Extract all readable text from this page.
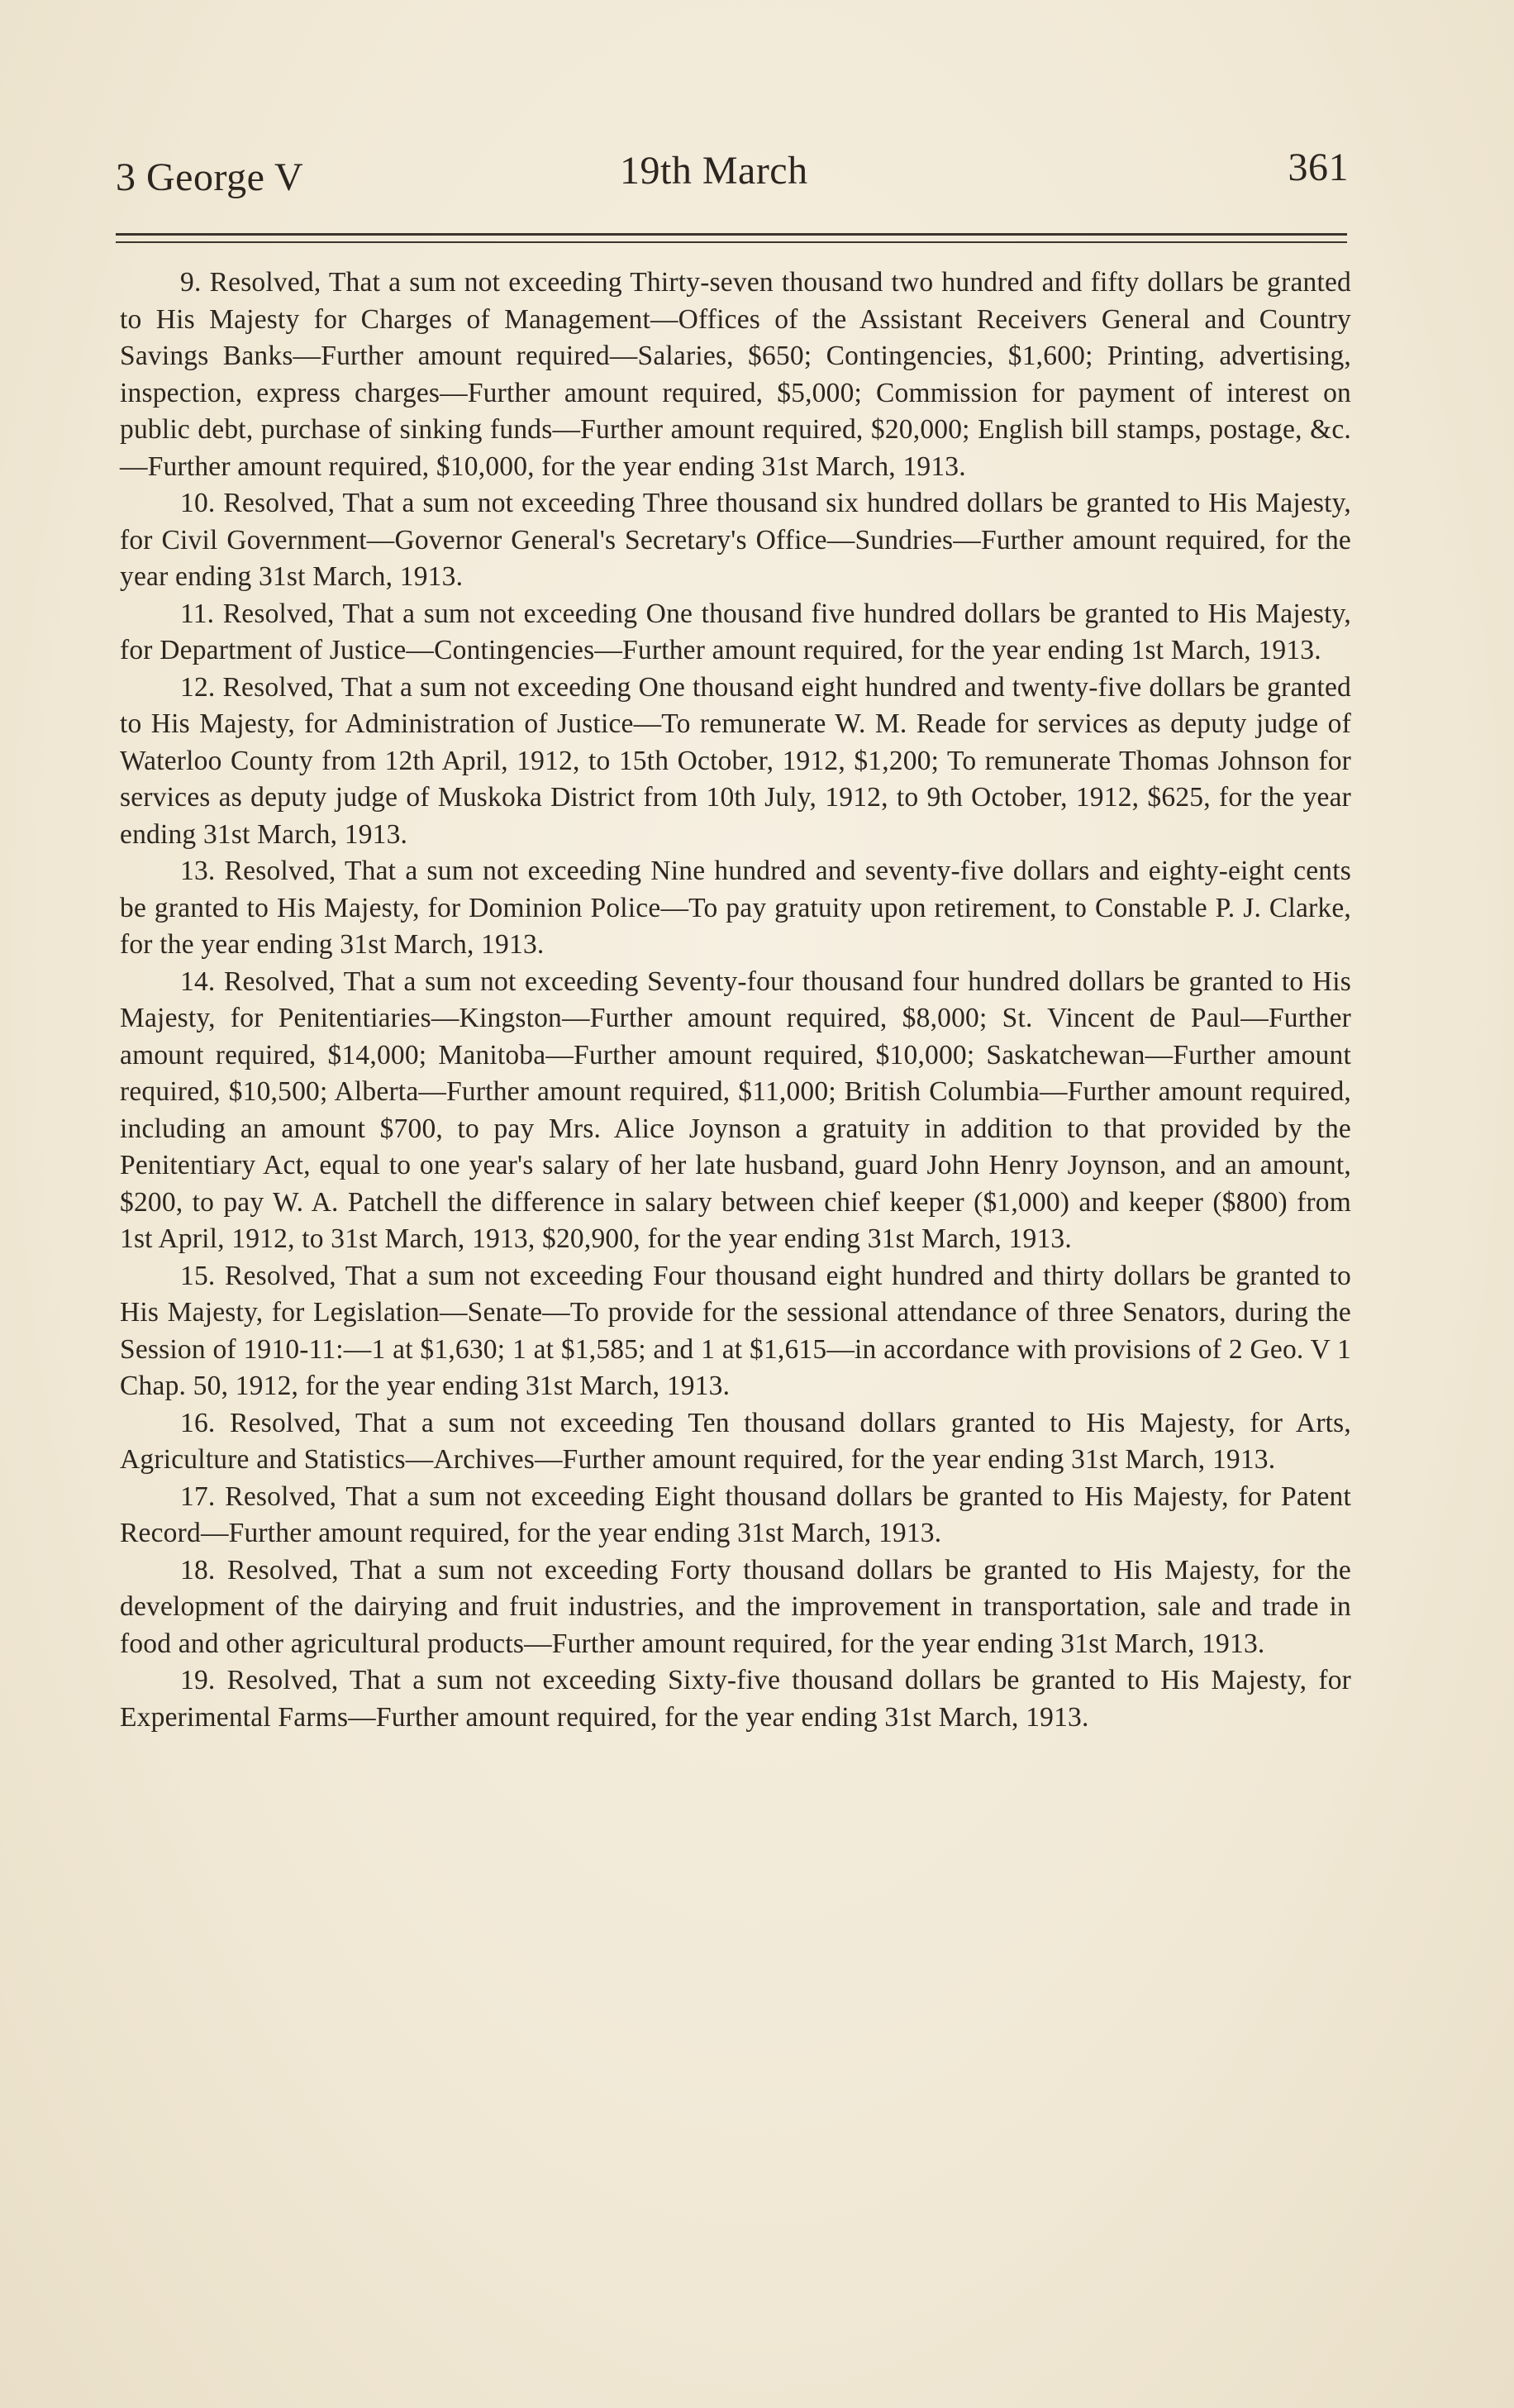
3 George V	19th March	361

9. Resolved, That a sum not exceeding Thirty-seven thousand two hundred and fifty dollars be granted to His Majesty for Charges of Management—Offices of the Assistant Receivers General and Country Savings Banks—Further amount required—Salaries, $650; Contingencies, $1,600; Printing, advertising, inspection, express charges—Further amount required, $5,000; Commission for payment of interest on public debt, purchase of sinking funds—Further amount required, $20,000; English bill stamps, postage, &c.—Further amount required, $10,000, for the year ending 31st March, 1913.

10. Resolved, That a sum not exceeding Three thousand six hundred dollars be granted to His Majesty, for Civil Government—Governor General's Secretary's Office—Sundries—Further amount required, for the year ending 31st March, 1913.

11. Resolved, That a sum not exceeding One thousand five hundred dollars be granted to His Majesty, for Department of Justice—Contingencies—Further amount required, for the year ending 1st March, 1913.

12. Resolved, That a sum not exceeding One thousand eight hundred and twenty-five dollars be granted to His Majesty, for Administration of Justice—To remunerate W. M. Reade for services as deputy judge of Waterloo County from 12th April, 1912, to 15th October, 1912, $1,200; To remunerate Thomas Johnson for services as deputy judge of Muskoka District from 10th July, 1912, to 9th October, 1912, $625, for the year ending 31st March, 1913.

13. Resolved, That a sum not exceeding Nine hundred and seventy-five dollars and eighty-eight cents be granted to His Majesty, for Dominion Police—To pay gratuity upon retirement, to Constable P. J. Clarke, for the year ending 31st March, 1913.

14. Resolved, That a sum not exceeding Seventy-four thousand four hundred dollars be granted to His Majesty, for Penitentiaries—Kingston—Further amount required, $8,000; St. Vincent de Paul—Further amount required, $14,000; Manitoba—Further amount required, $10,000; Saskatchewan—Further amount required, $10,500; Alberta—Further amount required, $11,000; British Columbia—Further amount required, including an amount $700, to pay Mrs. Alice Joynson a gratuity in addition to that provided by the Penitentiary Act, equal to one year's salary of her late husband, guard John Henry Joynson, and an amount, $200, to pay W. A. Patchell the difference in salary between chief keeper ($1,000) and keeper ($800) from 1st April, 1912, to 31st March, 1913, $20,900, for the year ending 31st March, 1913.

15. Resolved, That a sum not exceeding Four thousand eight hundred and thirty dollars be granted to His Majesty, for Legislation—Senate—To provide for the sessional attendance of three Senators, during the Session of 1910-11:—1 at $1,630; 1 at $1,585; and 1 at $1,615—in accordance with provisions of 2 Geo. V 1 Chap. 50, 1912, for the year ending 31st March, 1913.

16. Resolved, That a sum not exceeding Ten thousand dollars granted to His Majesty, for Arts, Agriculture and Statistics—Archives—Further amount required, for the year ending 31st March, 1913.

17. Resolved, That a sum not exceeding Eight thousand dollars be granted to His Majesty, for Patent Record—Further amount required, for the year ending 31st March, 1913.

18. Resolved, That a sum not exceeding Forty thousand dollars be granted to His Majesty, for the development of the dairying and fruit industries, and the improvement in transportation, sale and trade in food and other agricultural products—Further amount required, for the year ending 31st March, 1913.

19. Resolved, That a sum not exceeding Sixty-five thousand dollars be granted to His Majesty, for Experimental Farms—Further amount required, for the year ending 31st March, 1913.
